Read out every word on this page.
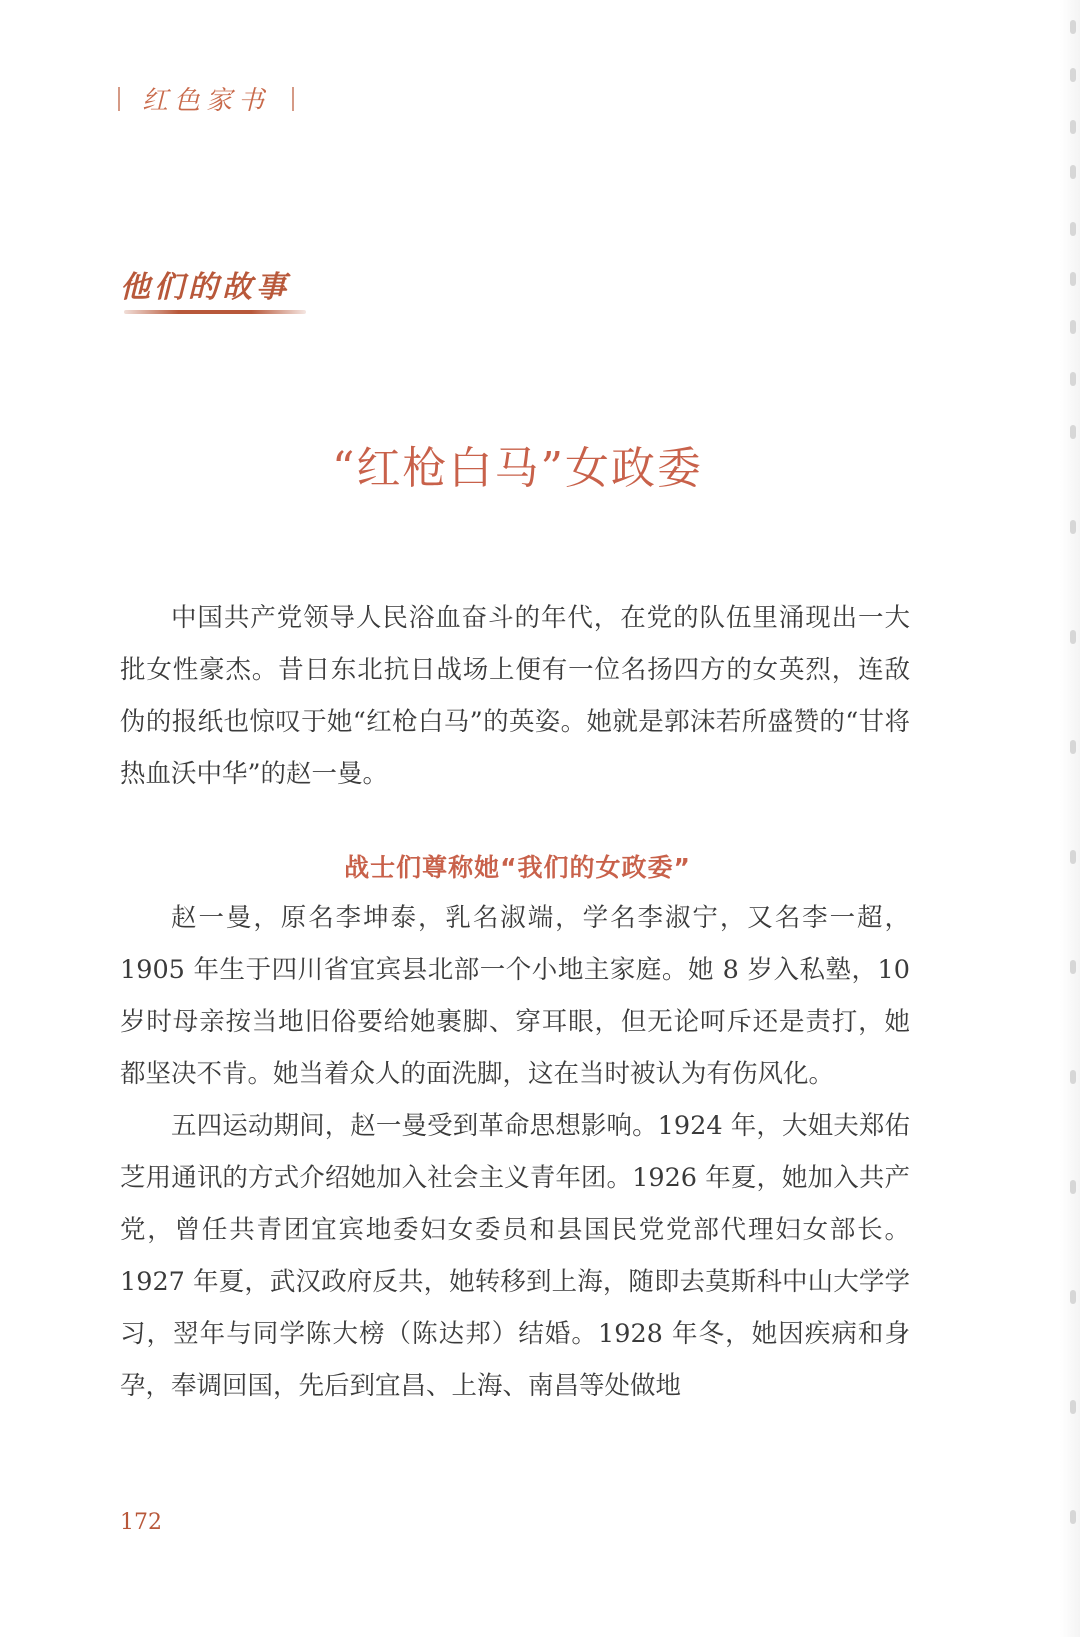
红色家书
他们的故事
“红枪白马”女政委

中国共产党领导人民浴血奋斗的年代，在党的队伍里涌现出一大批女性豪杰。昔日东北抗日战场上便有一位名扬四方的女英烈，连敌伪的报纸也惊叹于她“红枪白马”的英姿。她就是郭沫若所盛赞的“甘将热血沃中华”的赵一曼。

战士们尊称她“我们的女政委”

赵一曼，原名李坤泰，乳名淑端，学名李淑宁，又名李一超，1905 年生于四川省宜宾县北部一个小地主家庭。她 8 岁入私塾，10 岁时母亲按当地旧俗要给她裹脚、穿耳眼，但无论呵斥还是责打，她都坚决不肯。她当着众人的面洗脚，这在当时被认为有伤风化。

五四运动期间，赵一曼受到革命思想影响。1924 年，大姐夫郑佑芝用通讯的方式介绍她加入社会主义青年团。1926 年夏，她加入共产党，曾任共青团宜宾地委妇女委员和县国民党党部代理妇女部长。1927 年夏，武汉政府反共，她转移到上海，随即去莫斯科中山大学学习，翌年与同学陈大榜（陈达邦）结婚。1928 年冬，她因疾病和身孕，奉调回国，先后到宜昌、上海、南昌等处做地

172
